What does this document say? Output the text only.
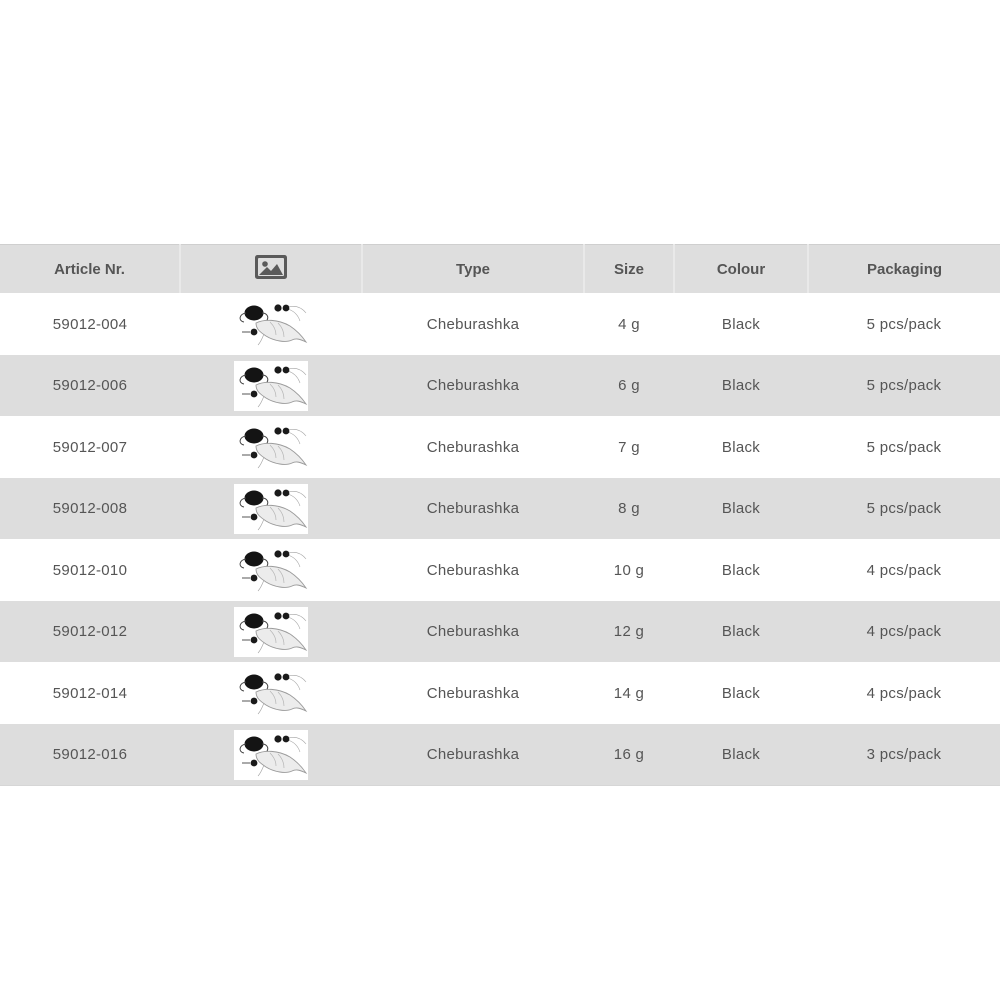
Article Nr.		Type	Size	Colour	Packaging
59012-004		Cheburashka	4 g	Black	5 pcs/pack
59012-006		Cheburashka	6 g	Black	5 pcs/pack
59012-007		Cheburashka	7 g	Black	5 pcs/pack
59012-008		Cheburashka	8 g	Black	5 pcs/pack
59012-010		Cheburashka	10 g	Black	4 pcs/pack
59012-012		Cheburashka	12 g	Black	4 pcs/pack
59012-014		Cheburashka	14 g	Black	4 pcs/pack
59012-016		Cheburashka	16 g	Black	3 pcs/pack
